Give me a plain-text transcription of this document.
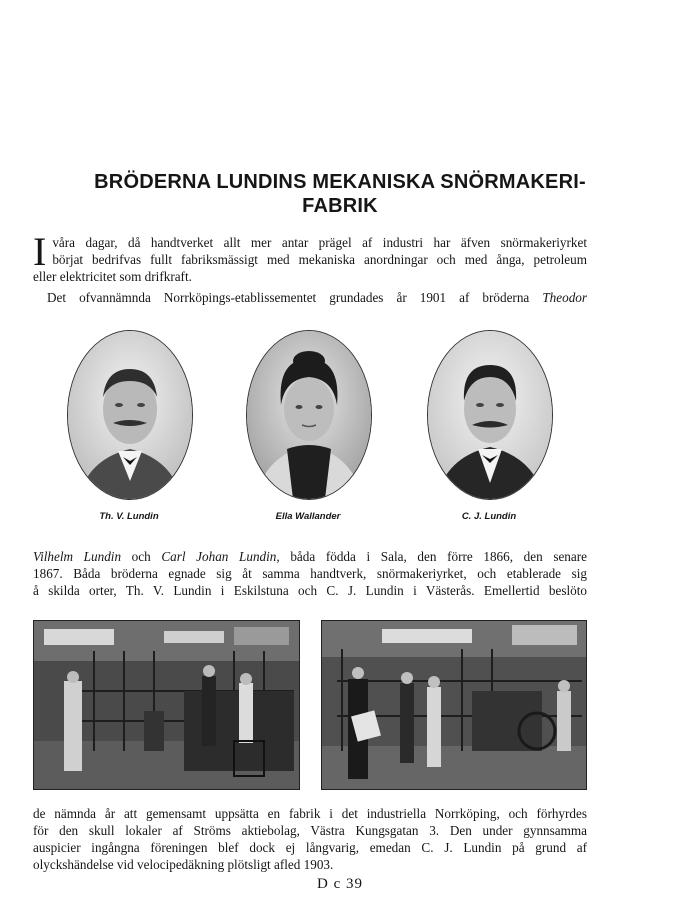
BRÖDERNA LUNDINS MEKANISKA SNÖRMAKERI-
FABRIK
I våra dagar, då handtverket allt mer antar prägel af industri har äfven snörmakeriyrket
börjat bedrifvas fullt fabriksmässigt med mekaniska anordningar och med ånga, petroleum
eller elektricitet som drifkraft.
Det ofvannämnda Norrköpings-etablissementet grundades år 1901 af bröderna Theodor
Th. V. Lundin	Ella Wallander	C. J. Lundin
Vilhelm Lundin och Carl Johan Lundin, båda födda i Sala, den förre 1866, den senare
1867. Båda bröderna egnade sig åt samma handtverk, snörmakeriyrket, och etablerade sig
å skilda orter, Th. V. Lundin i Eskilstuna och C. J. Lundin i Västerås. Emellertid beslöto
de nämnda år att gemensamt uppsätta en fabrik i det industriella Norrköping, och förhyrdes
för den skull lokaler af Ströms aktiebolag, Västra Kungsgatan 3. Den under gynnsamma
auspicier ingångna föreningen blef dock ej långvarig, emedan C. J. Lundin på grund af
olyckshändelse vid velocipedäkning plötsligt afled 1903.
D c 39
